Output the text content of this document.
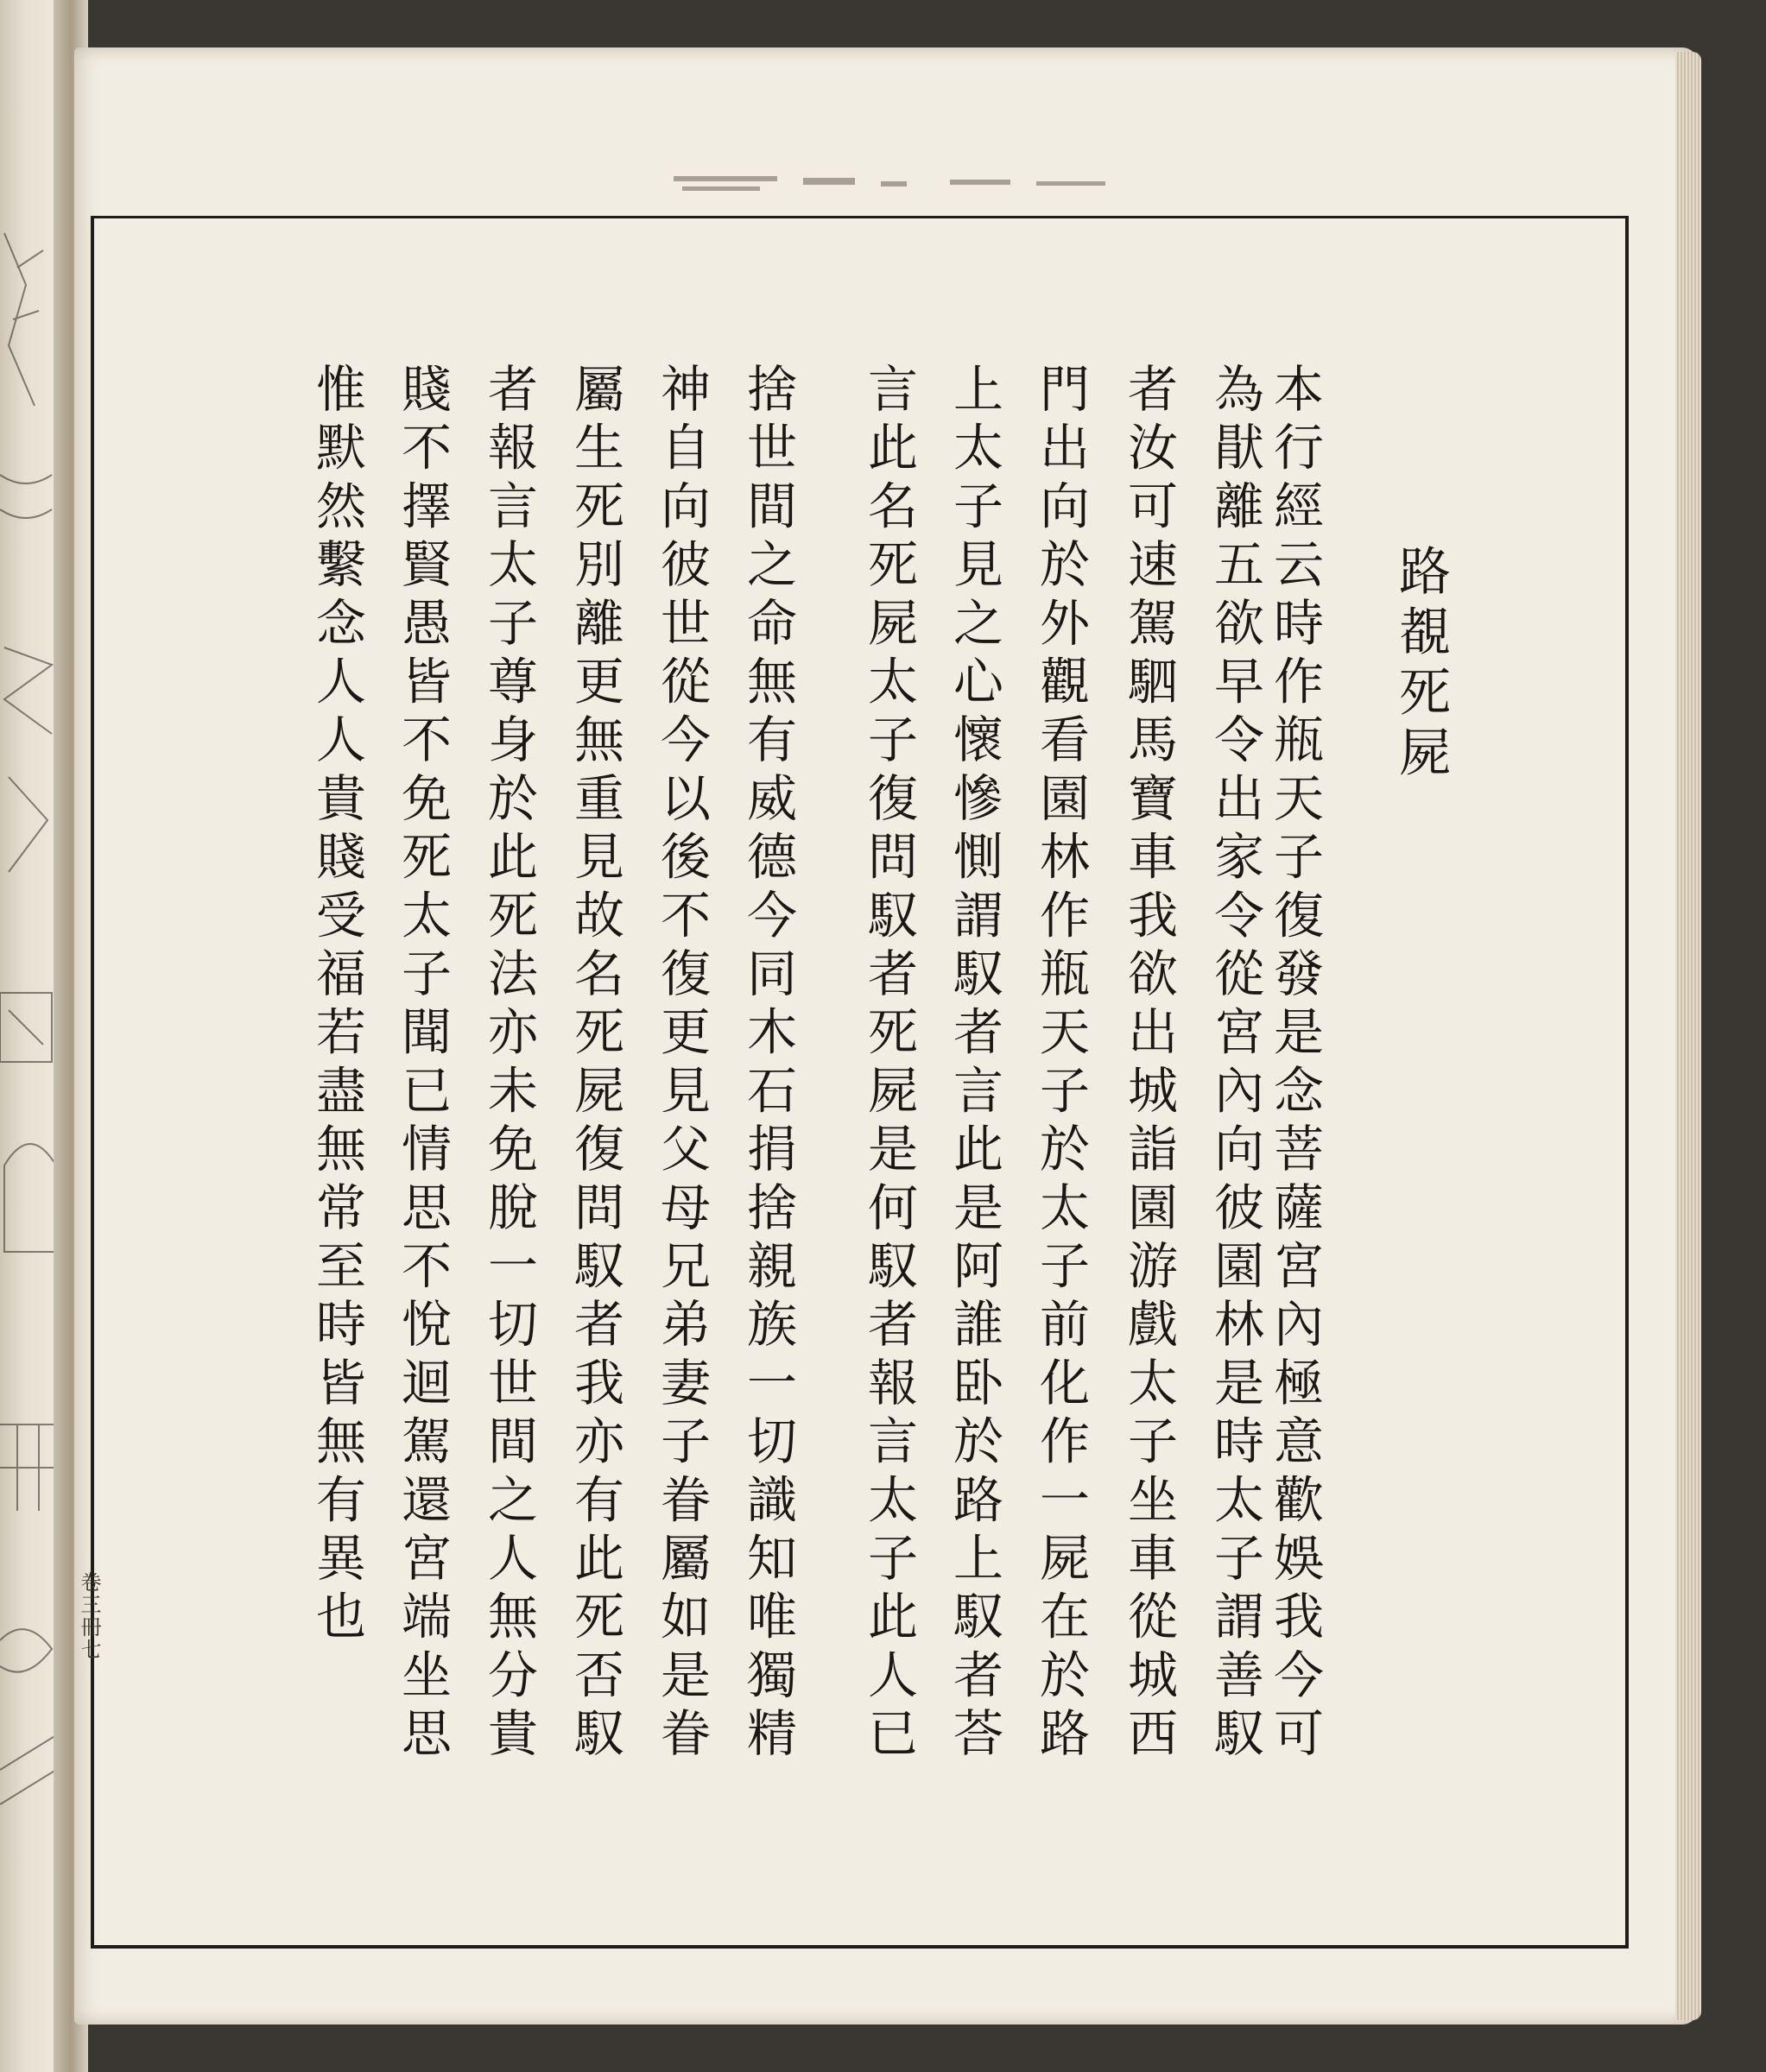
路覩死屍
本行經云時作瓶天子復發是念菩薩宮內極意歡娛我今可
為猒離五欲早令出家令從宮內向彼園林是時太子謂善馭
者汝可速駕駟馬寶車我欲出城詣園游戲太子坐車從城西
門出向於外觀看園林作瓶天子於太子前化作一屍在於路
上太子見之心懷慘惻謂馭者言此是阿誰卧於路上馭者荅
言此名死屍太子復問馭者死屍是何馭者報言太子此人已
捨世間之命無有威德今同木石捐捨親族一切識知唯獨精
神自向彼世從今以後不復更見父母兄弟妻子眷屬如是眷
屬生死別離更無重見故名死屍復問馭者我亦有此死否馭
者報言太子尊身於此死法亦未免脫一切世間之人無分貴
賤不擇賢愚皆不免死太子聞已情思不悅迴駕還宮端坐思
惟默然繫念人人貴賤受福若盡無常至時皆無有異也
卷三冊七
